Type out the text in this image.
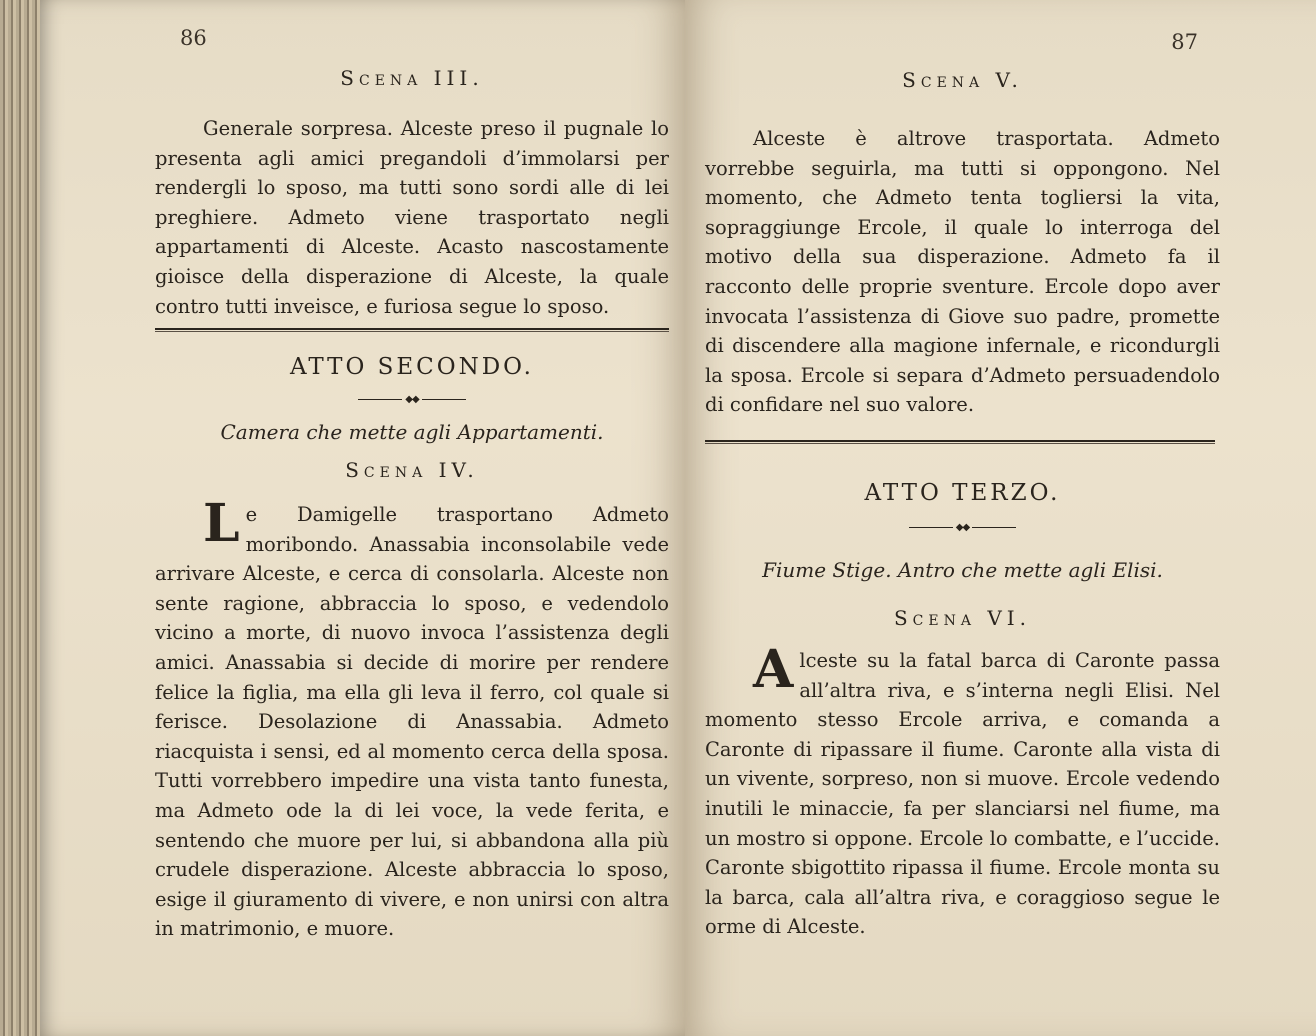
86
Scena III.
Generale sorpresa. Alceste preso il pugnale lo presenta agli amici pregandoli d’immolarsi per rendergli lo sposo, ma tutti sono sordi alle di lei preghiere. Admeto viene trasportato negli appartamenti di Alceste. Acasto nascostamente gioisce della disperazione di Alceste, la quale contro tutti inveisce, e furiosa segue lo sposo.
ATTO SECONDO.
◆◆
Camera che mette agli Appartamenti.
Scena IV.
Le Damigelle trasportano Admeto moribondo. Anassabia inconsolabile vede arrivare Alceste, e cerca di consolarla. Alceste non sente ragione, abbraccia lo sposo, e vedendolo vicino a morte, di nuovo invoca l’assistenza degli amici. Anassabia si decide di morire per rendere felice la figlia, ma ella gli leva il ferro, col quale si ferisce. Desolazione di Anassabia. Admeto riacquista i sensi, ed al momento cerca della sposa. Tutti vorrebbero impedire una vista tanto funesta, ma Admeto ode la di lei voce, la vede ferita, e sentendo che muore per lui, si abbandona alla più crudele disperazione. Alceste abbraccia lo sposo, esige il giuramento di vivere, e non unirsi con altra in matrimonio, e muore.
87
Scena V.
Alceste è altrove trasportata. Admeto vorrebbe seguirla, ma tutti si oppongono. Nel momento, che Admeto tenta togliersi la vita, sopraggiunge Ercole, il quale lo interroga del motivo della sua disperazione. Admeto fa il racconto delle proprie sventure. Ercole dopo aver invocata l’assistenza di Giove suo padre, promette di discendere alla magione infernale, e ricondurgli la sposa. Ercole si separa d’Admeto persuadendolo di confidare nel suo valore.
ATTO TERZO.
◆◆
Fiume Stige. Antro che mette agli Elisi.
Scena VI.
Alceste su la fatal barca di Caronte passa all’altra riva, e s’interna negli Elisi. Nel momento stesso Ercole arriva, e comanda a Caronte di ripassare il fiume. Caronte alla vista di un vivente, sorpreso, non si muove. Ercole vedendo inutili le minaccie, fa per slanciarsi nel fiume, ma un mostro si oppone. Ercole lo combatte, e l’uccide. Caronte sbigottito ripassa il fiume. Ercole monta su la barca, cala all’altra riva, e coraggioso segue le orme di Alceste.
